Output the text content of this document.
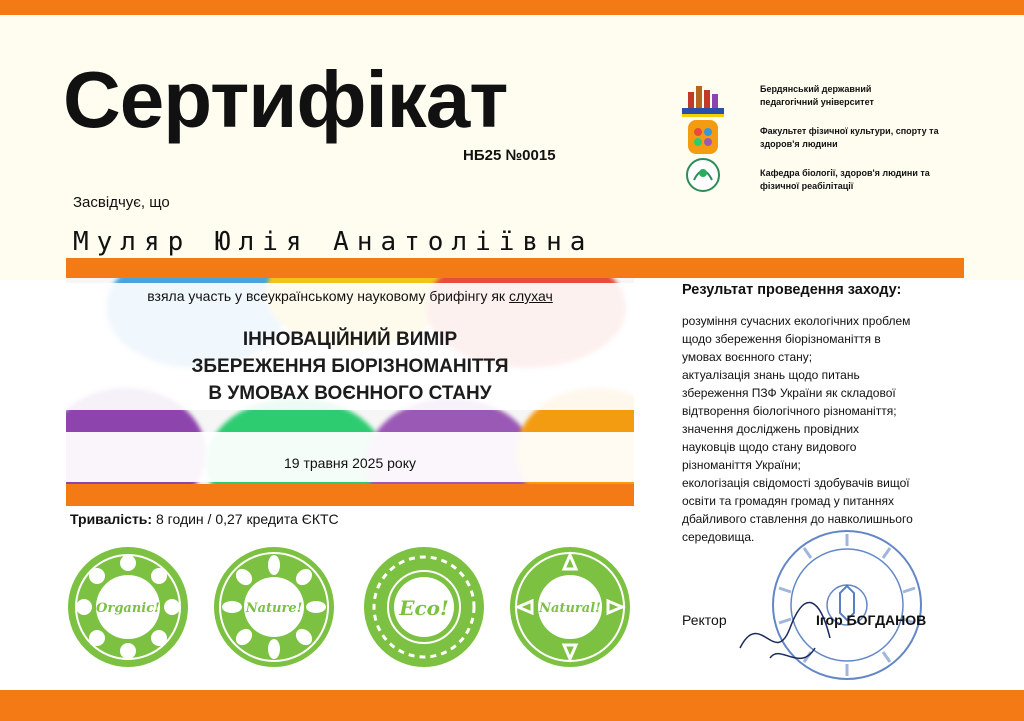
Сертифікат
НБ25 №0015
Засвідчує, що
Муляр Юлія Анатоліївна
Бердянський державний педагогічний університет
Факультет фізичної культури, спорту та здоров'я людини
Кафедра біології, здоров'я людини та фізичної реабілітації
взяла участь у всеукраїнському науковому брифінгу як слухач
ІННОВАЦІЙНИЙ ВИМІР
ЗБЕРЕЖЕННЯ БІОРІЗНОМАНІТТЯ
В УМОВАХ ВОЄННОГО СТАНУ
19 травня 2025 року
Тривалість: 8 годин / 0,27 кредита ЄКТС
Результат проведення заходу:
розуміння сучасних екологічних проблем
щодо збереження біорізноманіття в
умовах воєнного стану;
актуалізація знань щодо питань
збереження ПЗФ України як складової
відтворення біологічного різноманіття;
значення досліджень провідних
науковців щодо стану видового
різноманіття України;
екологізація свідомості здобувачів вищої
освіти та громадян громад у питаннях
дбайливого ставлення до навколишнього
середовища.
Ректор	Ігор БОГДАНОВ
Organic!	Nature!	Eco!	Natural!
